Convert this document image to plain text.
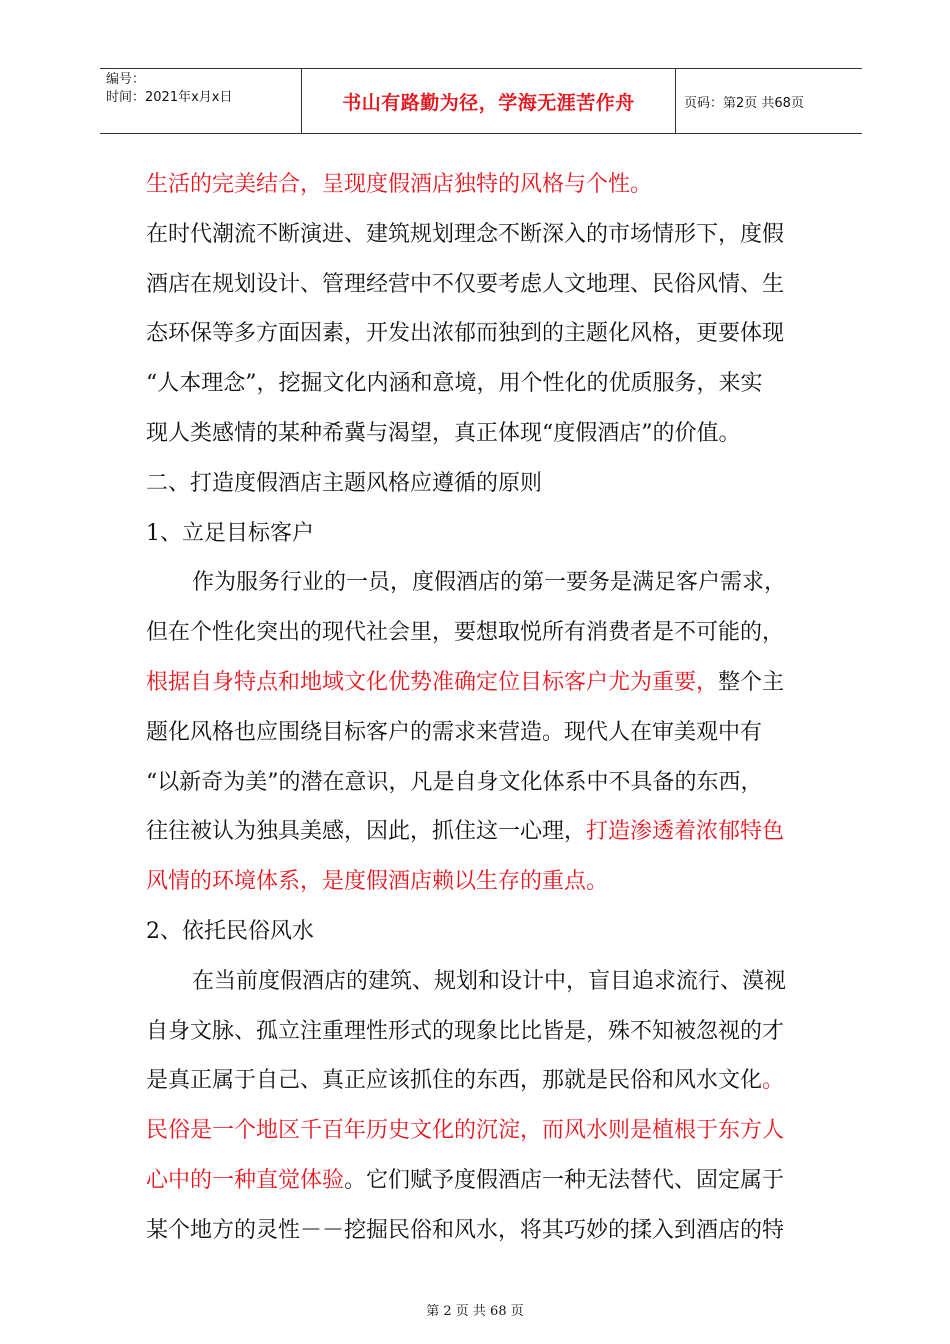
编号：
时间：2021年x月x日	书山有路勤为径，学海无涯苦作舟	页码：第2页 共68页
生活的完美结合，呈现度假酒店独特的风格与个性。
在时代潮流不断演进、建筑规划理念不断深入的市场情形下，度假
酒店在规划设计、管理经营中不仅要考虑人文地理、民俗风情、生
态环保等多方面因素，开发出浓郁而独到的主题化风格，更要体现
“人本理念”，挖掘文化内涵和意境，用个性化的优质服务，来实
现人类感情的某种希冀与渴望，真正体现“度假酒店”的价值。
二、打造度假酒店主题风格应遵循的原则
1、立足目标客户
作为服务行业的一员，度假酒店的第一要务是满足客户需求，
但在个性化突出的现代社会里，要想取悦所有消费者是不可能的，
根据自身特点和地域文化优势准确定位目标客户尤为重要，整个主
题化风格也应围绕目标客户的需求来营造。现代人在审美观中有
“以新奇为美”的潜在意识，凡是自身文化体系中不具备的东西，
往往被认为独具美感，因此，抓住这一心理，打造渗透着浓郁特色
风情的环境体系，是度假酒店赖以生存的重点。
2、依托民俗风水
在当前度假酒店的建筑、规划和设计中，盲目追求流行、漠视
自身文脉、孤立注重理性形式的现象比比皆是，殊不知被忽视的才
是真正属于自己、真正应该抓住的东西，那就是民俗和风水文化。
民俗是一个地区千百年历史文化的沉淀，而风水则是植根于东方人
心中的一种直觉体验。它们赋予度假酒店一种无法替代、固定属于
某个地方的灵性－－挖掘民俗和风水，将其巧妙的揉入到酒店的特
第 2 页 共 68 页
